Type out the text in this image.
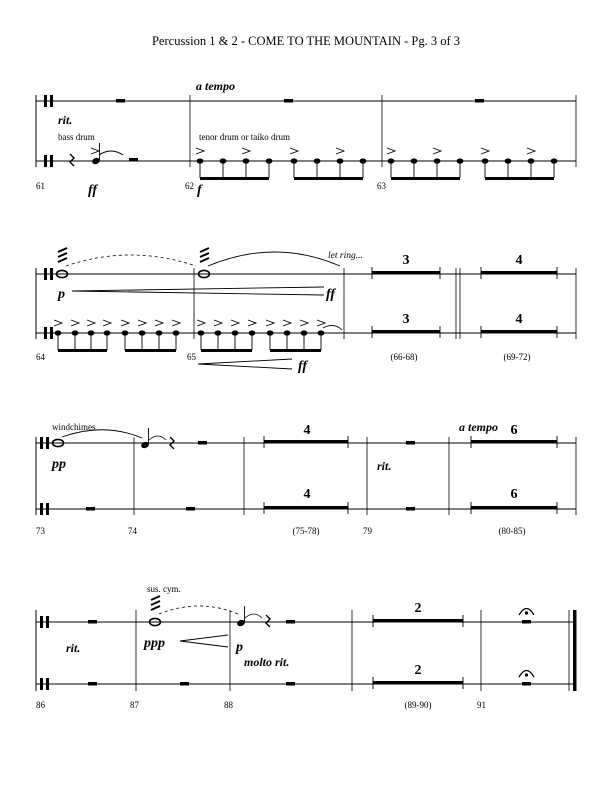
Percussion 1 & 2 - COME TO THE MOUNTAIN - Pg. 3 of 3
rit.
bass drum
a tempo
tenor drum or taiko drum
ff	f
61	62	63
3
3
4
4
(66-68)	(69-72)
p	ff
ff
let ring...
64	65
4
4
6
6
(75-78)	(80-85)
windchimes
pp	rit.
a tempo
73	74	79
2
2
(89-90)
rit.
sus. cym.
ppp	p
molto rit.
86	87	88	91
